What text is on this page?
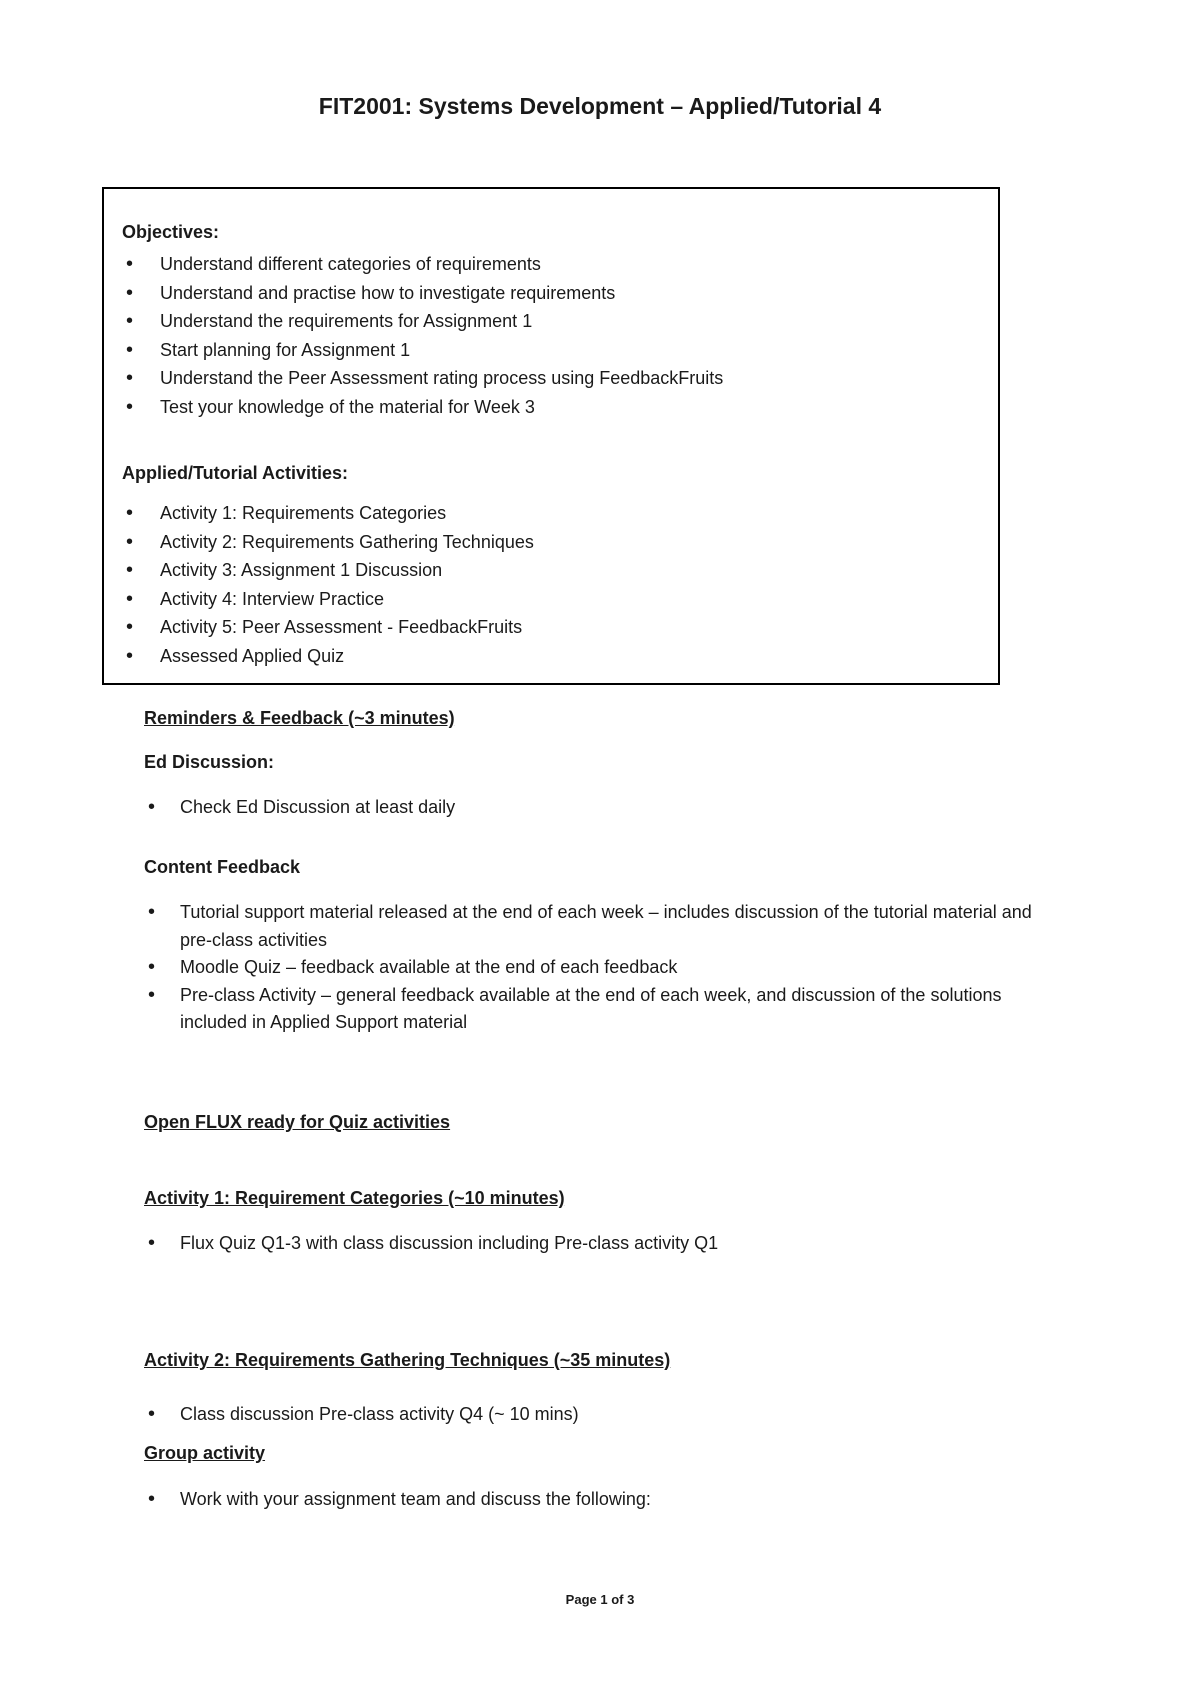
FIT2001: Systems Development – Applied/Tutorial 4

Objectives:

• Understand different categories of requirements
• Understand and practise how to investigate requirements
• Understand the requirements for Assignment 1
• Start planning for Assignment 1
• Understand the Peer Assessment rating process using FeedbackFruits
• Test your knowledge of the material for Week 3

Applied/Tutorial Activities:

• Activity 1: Requirements Categories
• Activity 2: Requirements Gathering Techniques
• Activity 3: Assignment 1 Discussion
• Activity 4: Interview Practice
• Activity 5: Peer Assessment - FeedbackFruits
• Assessed Applied Quiz

Reminders & Feedback (~3 minutes)

Ed Discussion:

• Check Ed Discussion at least daily

Content Feedback

• Tutorial support material released at the end of each week – includes discussion of the tutorial material and pre-class activities
• Moodle Quiz – feedback available at the end of each feedback
• Pre-class Activity – general feedback available at the end of each week, and discussion of the solutions included in Applied Support material

Open FLUX ready for Quiz activities

Activity 1: Requirement Categories (~10 minutes)

• Flux Quiz Q1-3 with class discussion including Pre-class activity Q1

Activity 2: Requirements Gathering Techniques (~35 minutes)

• Class discussion Pre-class activity Q4 (~ 10 mins)

Group activity

• Work with your assignment team and discuss the following:
Page 1 of 3
